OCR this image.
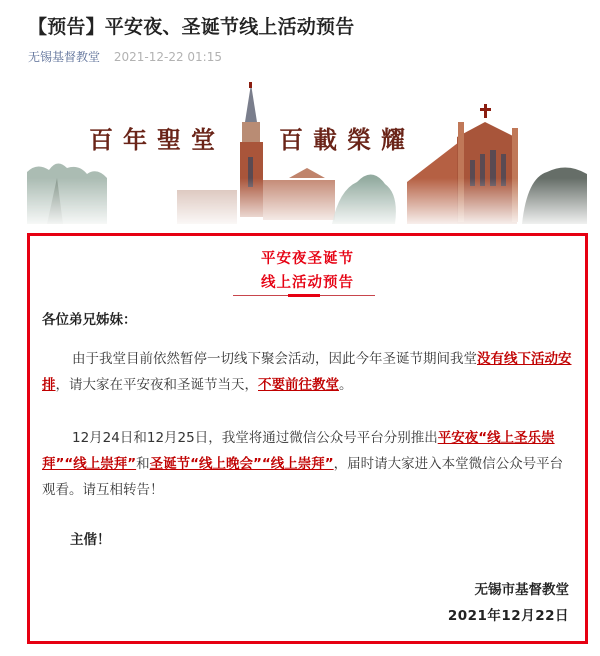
【预告】平安夜、圣诞节线上活动预告
无锡基督教堂 2021-12-22 01:15
百年聖堂 百載榮耀
平安夜圣诞节
线上活动预告
各位弟兄姊妹：

由于我堂目前依然暂停一切线下聚会活动，因此今年圣诞节期间我堂没有线下活动安排，请大家在平安夜和圣诞节当天，不要前往教堂。

12月24日和12月25日，我堂将通过微信公众号平台分别推出平安夜“线上圣乐崇拜”“线上崇拜”和圣诞节“线上晚会”“线上崇拜”，届时请大家进入本堂微信公众号平台观看。请互相转告！

主偕！
无锡市基督教堂
2021年12月22日
